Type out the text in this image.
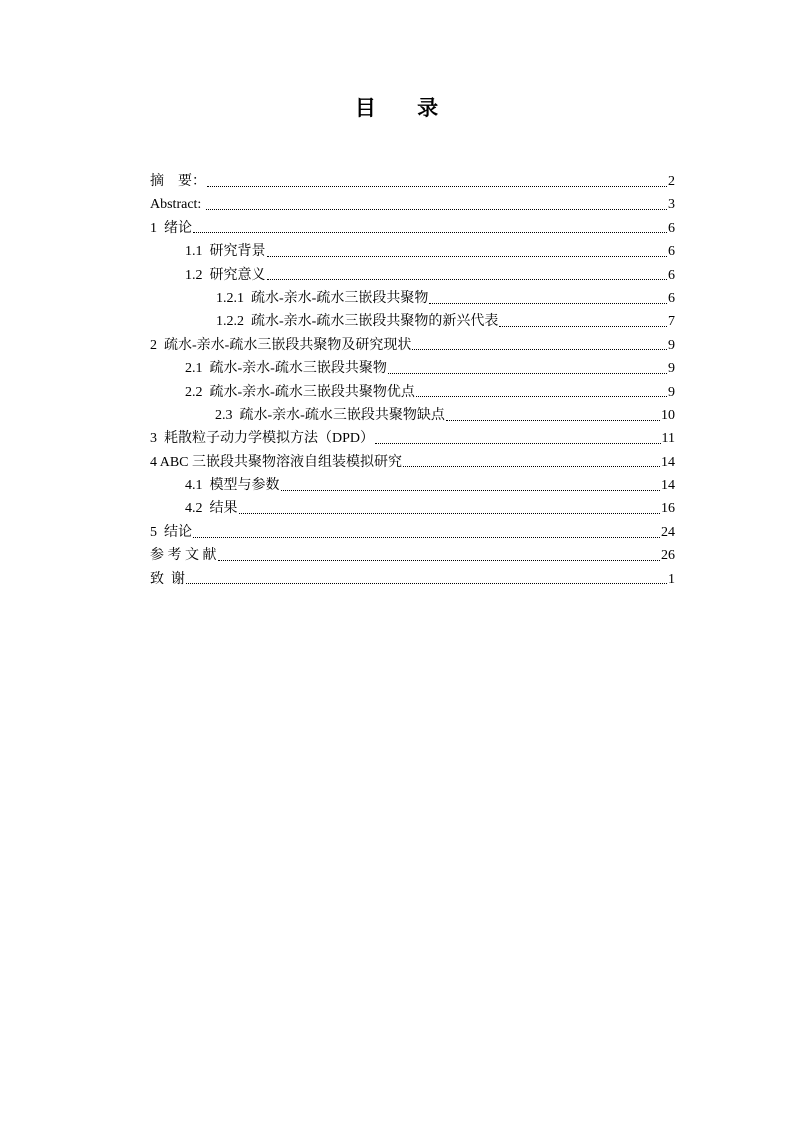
目 录
摘    要：	2
Abstract:	3
1  绪论	6
1.1  研究背景	6
1.2  研究意义	6
1.2.1  疏水-亲水-疏水三嵌段共聚物	6
1.2.2  疏水-亲水-疏水三嵌段共聚物的新兴代表	7
2  疏水-亲水-疏水三嵌段共聚物及研究现状	9
2.1  疏水-亲水-疏水三嵌段共聚物	9
2.2  疏水-亲水-疏水三嵌段共聚物优点	9
2.3  疏水-亲水-疏水三嵌段共聚物缺点	10
3  耗散粒子动力学模拟方法（DPD）	11
4 ABC 三嵌段共聚物溶液自组装模拟研究	14
4.1  模型与参数	14
4.2  结果	16
5  结论	24
参 考 文 献	26
致  谢	1
